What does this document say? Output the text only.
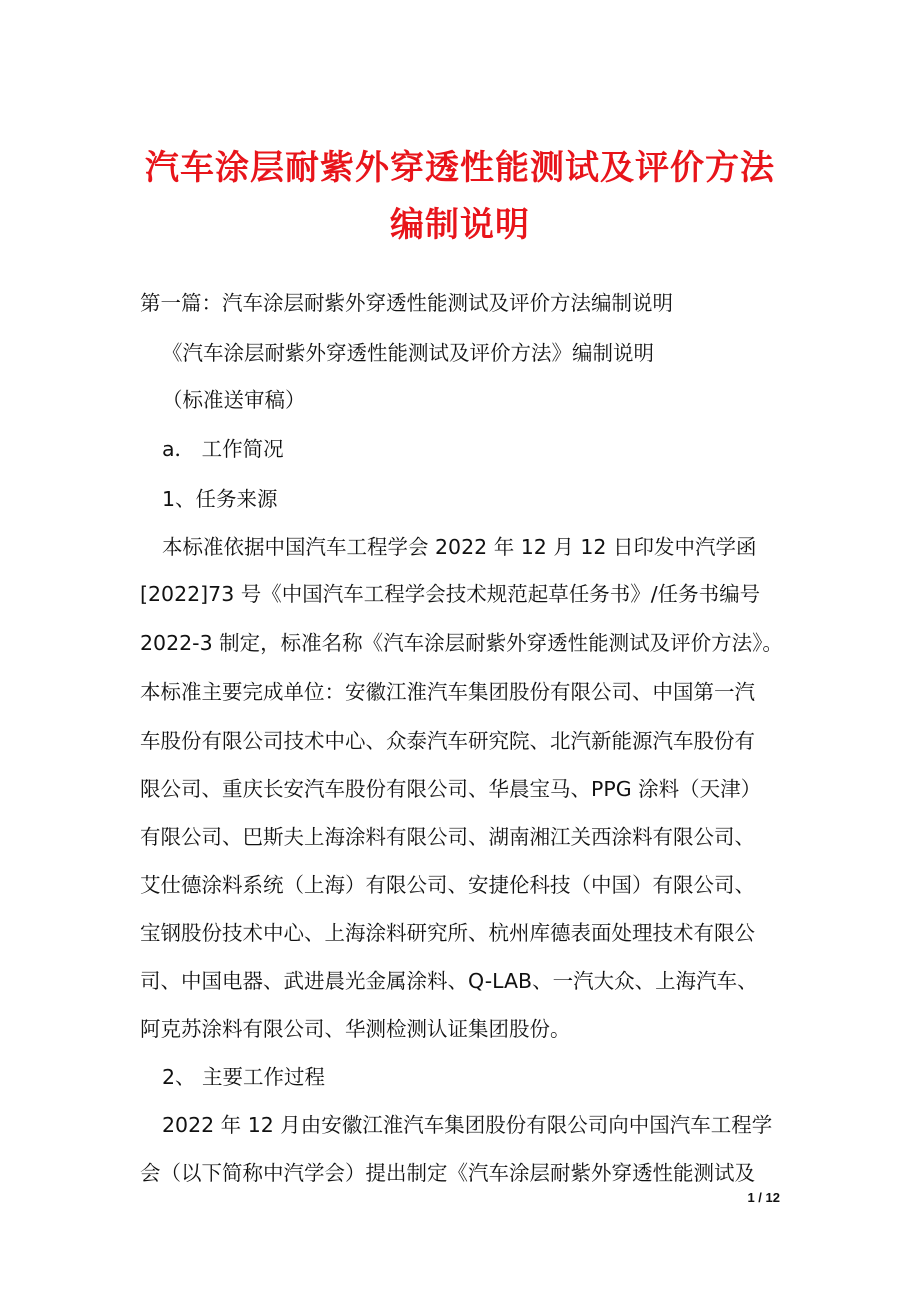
汽车涂层耐紫外穿透性能测试及评价方法
编制说明
第一篇：汽车涂层耐紫外穿透性能测试及评价方法编制说明
《汽车涂层耐紫外穿透性能测试及评价方法》编制说明
（标准送审稿）
a． 工作简况
1、任务来源
本标准依据中国汽车工程学会 2022 年 12 月 12 日印发中汽学函
[2022]73 号《中国汽车工程学会技术规范起草任务书》/任务书编号
2022-3 制定，标准名称《汽车涂层耐紫外穿透性能测试及评价方法》。
本标准主要完成单位：安徽江淮汽车集团股份有限公司、中国第一汽
车股份有限公司技术中心、众泰汽车研究院、北汽新能源汽车股份有
限公司、重庆长安汽车股份有限公司、华晨宝马、PPG 涂料（天津）
有限公司、巴斯夫上海涂料有限公司、湖南湘江关西涂料有限公司、
艾仕德涂料系统（上海）有限公司、安捷伦科技（中国）有限公司、
宝钢股份技术中心、上海涂料研究所、杭州库德表面处理技术有限公
司、中国电器、武进晨光金属涂料、Q-LAB、一汽大众、上海汽车、
阿克苏涂料有限公司、华测检测认证集团股份。
2、 主要工作过程
2022 年 12 月由安徽江淮汽车集团股份有限公司向中国汽车工程学
会（以下简称中汽学会）提出制定《汽车涂层耐紫外穿透性能测试及
1 / 12
